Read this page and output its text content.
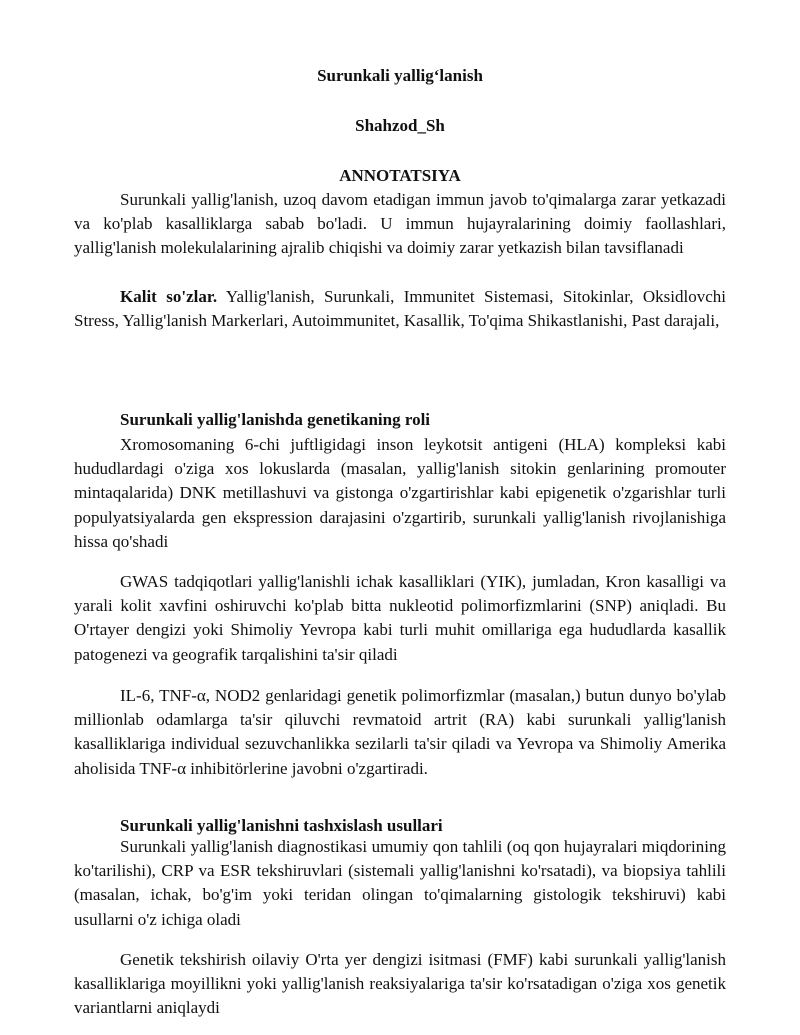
Surunkali yallig‘lanish
Shahzod_Sh
ANNOTATSIYA

Surunkali yallig'lanish, uzoq davom etadigan immun javob to'qimalarga zarar yetkazadi va ko'plab kasalliklarga sabab bo'ladi. U immun hujayralarining doimiy faollashlari, yallig'lanish molekulalarining ajralib chiqishi va doimiy zarar yetkazish bilan tavsiflanadi

Kalit so'zlar. Yallig'lanish, Surunkali, Immunitet Sistemasi, Sitokinlar, Oksidlovchi Stress, Yallig'lanish Markerlari, Autoimmunitet, Kasallik, To'qima Shikastlanishi, Past darajali,

Surunkali yallig'lanishda genetikaning roli

Xromosomaning 6-chi juftligidagi inson leykotsit antigeni (HLA) kompleksi kabi hududlardagi o'ziga xos lokuslarda (masalan, yallig'lanish sitokin genlarining promouter mintaqalarida) DNK metillashuvi va gistonga o'zgartirishlar kabi epigenetik o'zgarishlar turli populyatsiyalarda gen ekspression darajasini o'zgartirib, surunkali yallig'lanish rivojlanishiga hissa qo'shadi

GWAS tadqiqotlari yallig'lanishli ichak kasalliklari (YIK), jumladan, Kron kasalligi va yarali kolit xavfini oshiruvchi ko'plab bitta nukleotid polimorfizmlarini (SNP) aniqladi. Bu O'rtayer dengizi yoki Shimoliy Yevropa kabi turli muhit omillariga ega hududlarda kasallik patogenezi va geografik tarqalishini ta'sir qiladi

IL-6, TNF-α, NOD2 genlaridagi genetik polimorfizmlar (masalan,) butun dunyo bo'ylab millionlab odamlarga ta'sir qiluvchi revmatoid artrit (RA) kabi surunkali yallig'lanish kasalliklariga individual sezuvchanlikka sezilarli ta'sir qiladi va Yevropa va Shimoliy Amerika aholisida TNF-α inhibitörlerine javobni o'zgartiradi.

Surunkali yallig'lanishni tashxislash usullari

Surunkali yallig'lanish diagnostikasi umumiy qon tahlili (oq qon hujayralari miqdorining ko'tarilishi), CRP va ESR tekshiruvlari (sistemali yallig'lanishni ko'rsatadi), va biopsiya tahlili (masalan, ichak, bo'g'im yoki teridan olingan to'qimalarning gistologik tekshiruvi) kabi usullarni o'z ichiga oladi

Genetik tekshirish oilaviy O'rta yer dengizi isitmasi (FMF) kabi surunkali yallig'lanish kasalliklariga moyillikni yoki yallig'lanish reaksiyalariga ta'sir ko'rsatadigan o'ziga xos genetik variantlarni aniqlaydi
